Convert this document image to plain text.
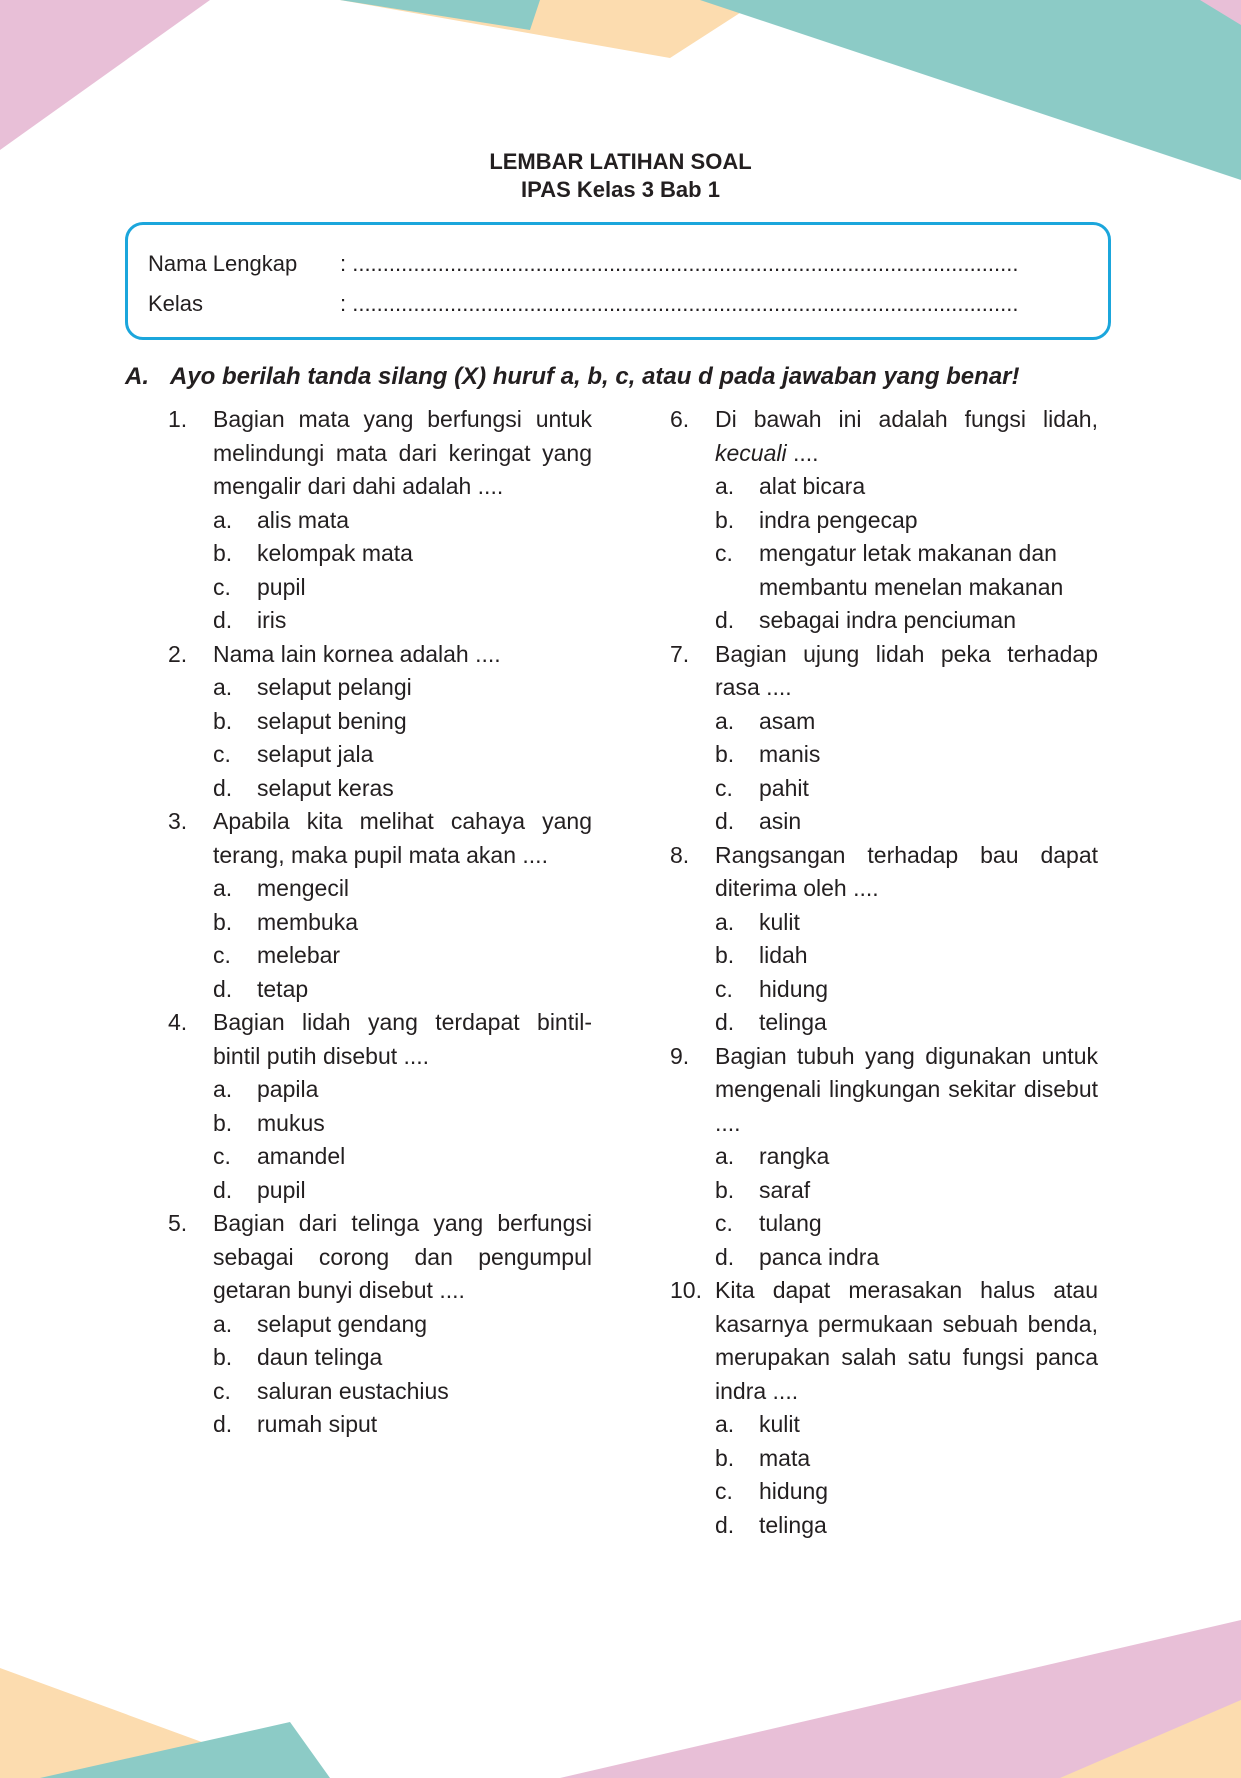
LEMBAR LATIHAN SOAL
IPAS Kelas 3 Bab 1
Nama Lengkap : .............................................................................................................
Kelas	: .............................................................................................................
A. Ayo berilah tanda silang (X) huruf a, b, c, atau d pada jawaban yang benar!
1.	Bagian mata yang berfungsi untuk melindungi mata dari keringat yang mengalir dari dahi adalah ....
a.	alis mata
b.	kelompak mata
c.	pupil
d.	iris
2.	Nama lain kornea adalah ....
a.	selaput pelangi
b.	selaput bening
c.	selaput jala
d.	selaput keras
3.	Apabila kita melihat cahaya yang terang, maka pupil mata akan ....
a.	mengecil
b.	membuka
c.	melebar
d.	tetap
4.	Bagian lidah yang terdapat bintil-bintil putih disebut ....
a.	papila
b.	mukus
c.	amandel
d.	pupil
5.	Bagian dari telinga yang berfungsi sebagai corong dan pengumpul getaran bunyi disebut ....
a.	selaput gendang
b.	daun telinga
c.	saluran eustachius
d.	rumah siput
6.	Di bawah ini adalah fungsi lidah, kecuali ....
a.	alat bicara
b.	indra pengecap
c.	mengatur letak makanan dan membantu menelan makanan
d.	sebagai indra penciuman
7.	Bagian ujung lidah peka terhadap rasa ....
a.	asam
b.	manis
c.	pahit
d.	asin
8.	Rangsangan terhadap bau dapat diterima oleh ....
a.	kulit
b.	lidah
c.	hidung
d.	telinga
9.	Bagian tubuh yang digunakan untuk mengenali lingkungan sekitar disebut ....
a.	rangka
b.	saraf
c.	tulang
d.	panca indra
10. Kita dapat merasakan halus atau kasarnya permukaan sebuah benda, merupakan salah satu fungsi panca indra ....
a.	kulit
b.	mata
c.	hidung
d.	telinga
